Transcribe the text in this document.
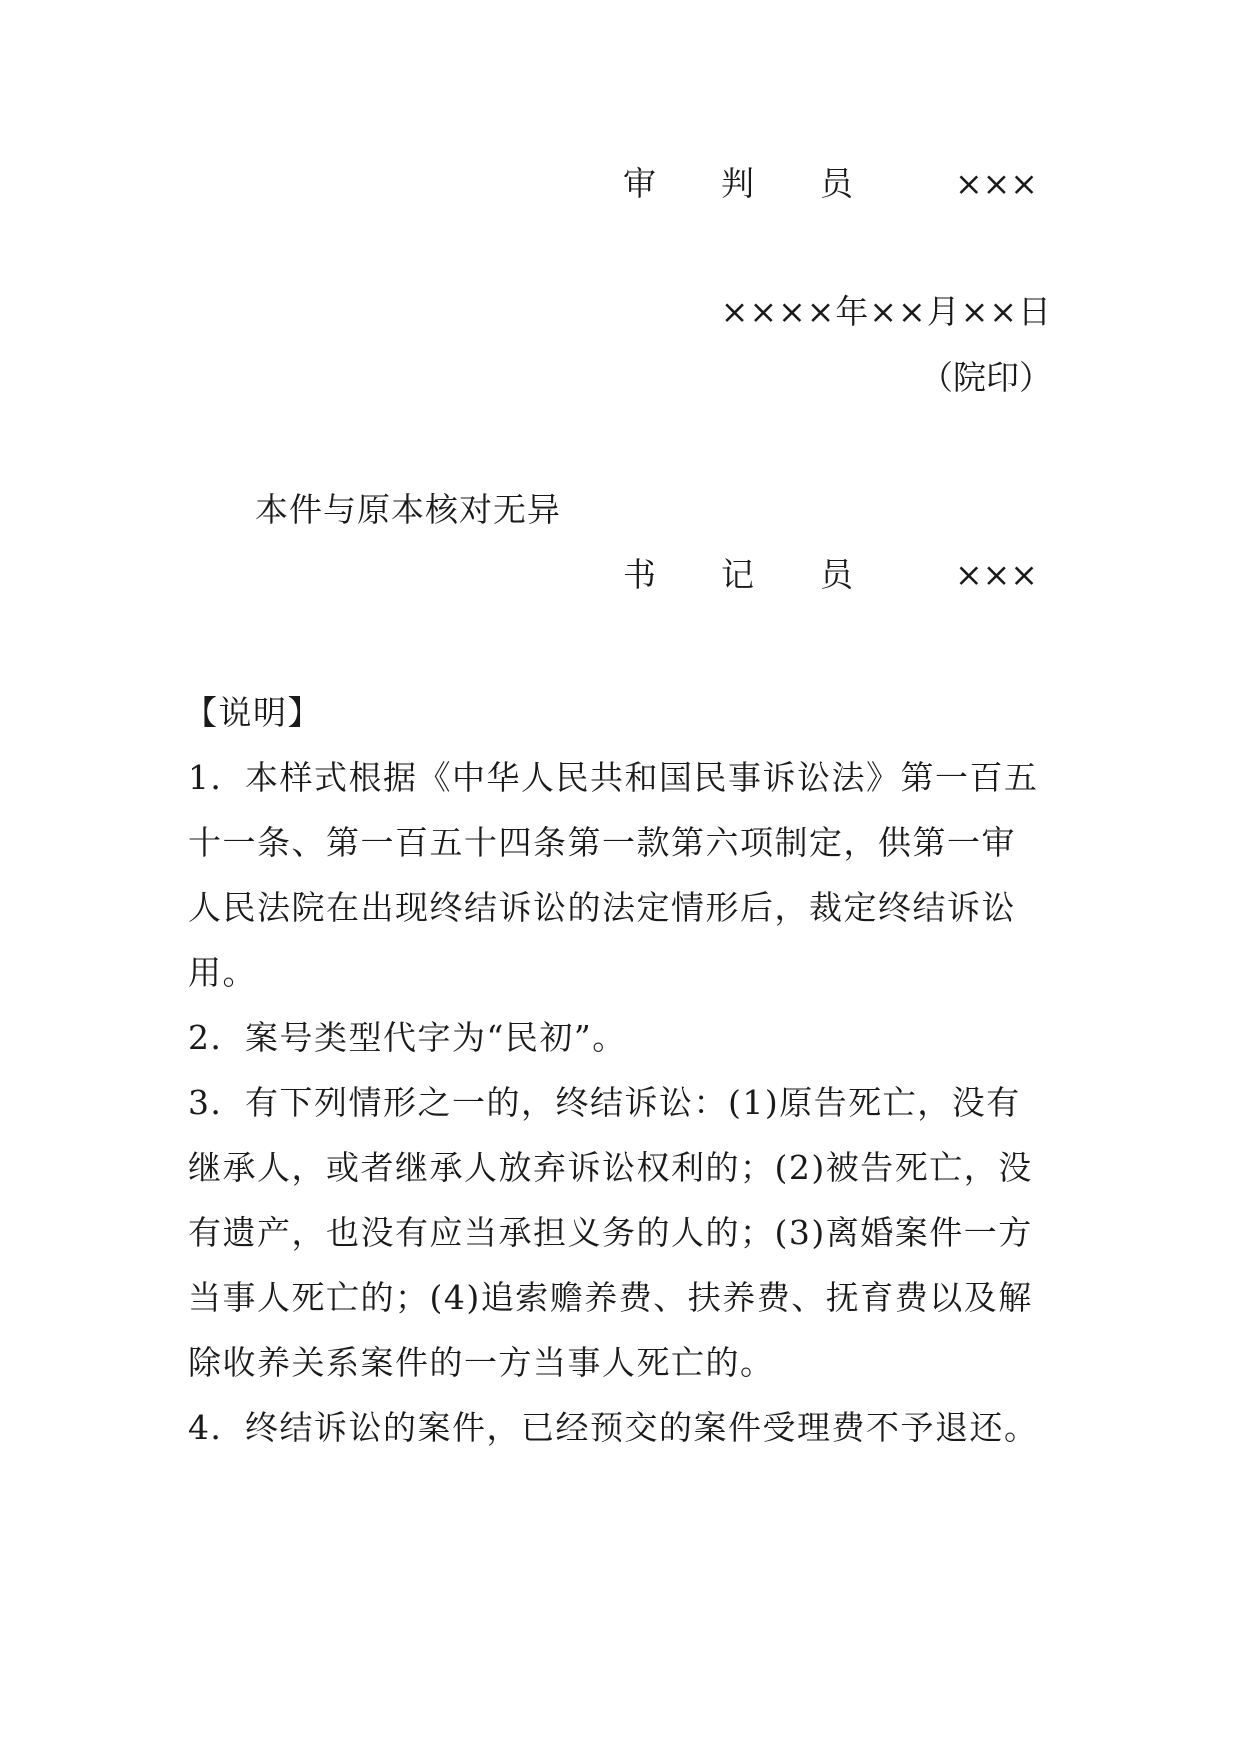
审 判 员	×××
××××年××月××日
（院印）
本件与原本核对无异
书 记 员	×××
【说明】

1．本样式根据《中华人民共和国民事诉讼法》第一百五十一条、第一百五十四条第一款第六项制定，供第一审人民法院在出现终结诉讼的法定情形后，裁定终结诉讼用。

2．案号类型代字为“民初”。

3．有下列情形之一的，终结诉讼：(1)原告死亡，没有继承人，或者继承人放弃诉讼权利的；(2)被告死亡，没有遗产，也没有应当承担义务的人的；(3)离婚案件一方当事人死亡的；(4)追索赡养费、扶养费、抚育费以及解除收养关系案件的一方当事人死亡的。

4．终结诉讼的案件，已经预交的案件受理费不予退还。
